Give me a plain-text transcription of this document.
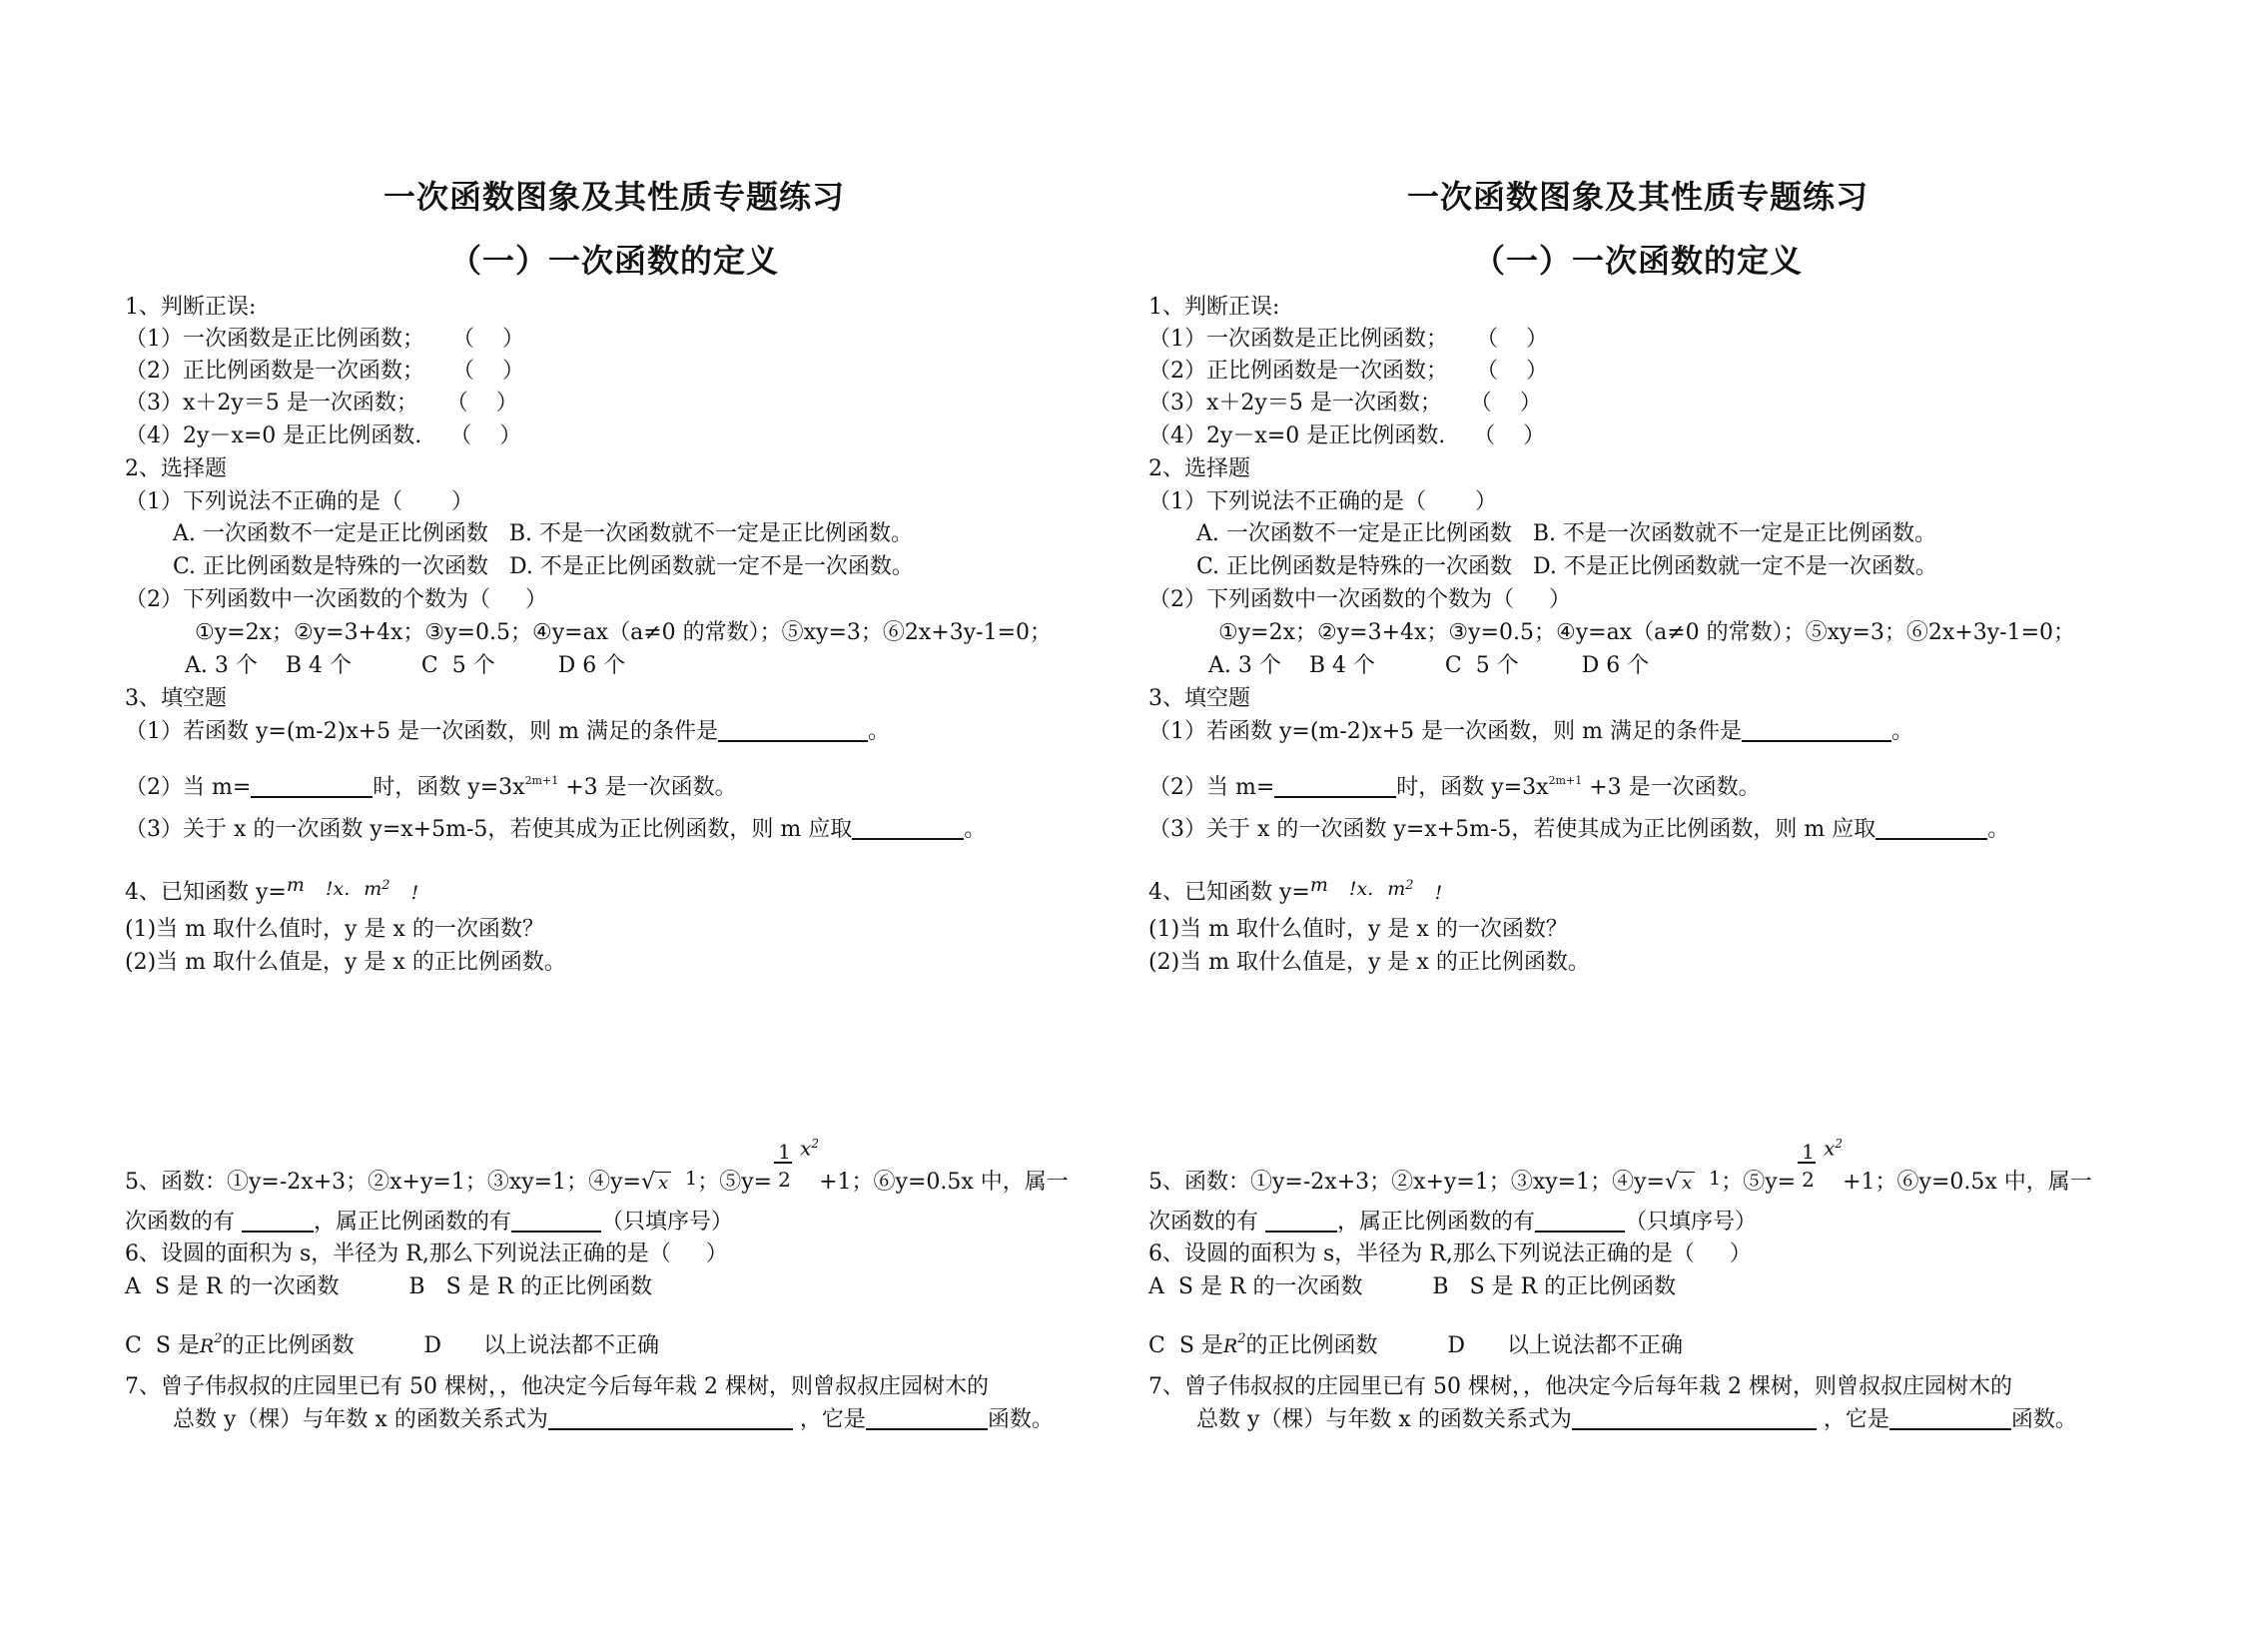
一次函数图象及其性质专题练习
（一）一次函数的定义
1、判断正误:
（1）一次函数是正比例函数；    （    ）
（2）正比例函数是一次函数；    （    ）
（3）x＋2y＝5 是一次函数；    （    ）
（4）2y－x=0 是正比例函数.    （    ）
2、选择题
（1）下列说法不正确的是（       ）
A. 一次函数不一定是正比例函数   B. 不是一次函数就不一定是正比例函数。
C. 正比例函数是特殊的一次函数   D. 不是正比例函数就一定不是一次函数。
（2）下列函数中一次函数的个数为（     ）
①y=2x；②y=3+4x；③y=0.5；④y=ax（a≠0 的常数）；⑤xy=3；⑥2x+3y-1=0；
A. 3 个    B 4 个          C  5 个         D 6 个
3、填空题
（1）若函数 y=(m-2)x+5 是一次函数，则 m 满足的条件是	。
（2）当 m=	时，函数 $y=3x^{2m+1} +3$ 是一次函数。
（3）关于 x 的一次函数 y=x+5m-5，若使其成为正比例函数，则 m 应取	。
4、已知函数 y=m !x. $m^2$ !
(1)当 m 取什么值时，y 是 x 的一次函数？
(2)当 m 取什么值是，y 是 x 的正比例函数。
5、函数：①y=-2x+3；②x+y=1；③xy=1；④y=√ x 1；⑤y=
1
2
$x^2$
+1；⑥y=0.5x 中，属一
次函数的有	，属正比例函数的有	（只填序号）
6、设圆的面积为 s，半径为 R,那么下列说法正确的是（     ）
A  S 是 R 的一次函数          B   S 是 R 的正比例函数
C  S 是$R^2$的正比例函数          D      以上说法都不正确
7、曾子伟叔叔的庄园里已有 50 棵树，，他决定今后每年栽 2 棵树，则曾叔叔庄园树木的
总数 y（棵）与年数 x 的函数关系式为	，它是	函数。
一次函数图象及其性质专题练习
（一）一次函数的定义
1、判断正误:
（1）一次函数是正比例函数；    （    ）
（2）正比例函数是一次函数；    （    ）
（3）x＋2y＝5 是一次函数；    （    ）
（4）2y－x=0 是正比例函数.    （    ）
2、选择题
（1）下列说法不正确的是（       ）
A. 一次函数不一定是正比例函数   B. 不是一次函数就不一定是正比例函数。
C. 正比例函数是特殊的一次函数   D. 不是正比例函数就一定不是一次函数。
（2）下列函数中一次函数的个数为（     ）
①y=2x；②y=3+4x；③y=0.5；④y=ax（a≠0 的常数）；⑤xy=3；⑥2x+3y-1=0；
A. 3 个    B 4 个          C  5 个         D 6 个
3、填空题
（1）若函数 y=(m-2)x+5 是一次函数，则 m 满足的条件是	。
（2）当 m=	时，函数 $y=3x^{2m+1} +3$ 是一次函数。
（3）关于 x 的一次函数 y=x+5m-5，若使其成为正比例函数，则 m 应取	。
4、已知函数 y=m !x. $m^2$ !
(1)当 m 取什么值时，y 是 x 的一次函数？
(2)当 m 取什么值是，y 是 x 的正比例函数。
5、函数：①y=-2x+3；②x+y=1；③xy=1；④y=√ x 1；⑤y=
1
2
$x^2$
+1；⑥y=0.5x 中，属一
次函数的有	，属正比例函数的有	（只填序号）
6、设圆的面积为 s，半径为 R,那么下列说法正确的是（     ）
A  S 是 R 的一次函数          B   S 是 R 的正比例函数
C  S 是$R^2$的正比例函数          D      以上说法都不正确
7、曾子伟叔叔的庄园里已有 50 棵树，，他决定今后每年栽 2 棵树，则曾叔叔庄园树木的
总数 y（棵）与年数 x 的函数关系式为	，它是	函数。
